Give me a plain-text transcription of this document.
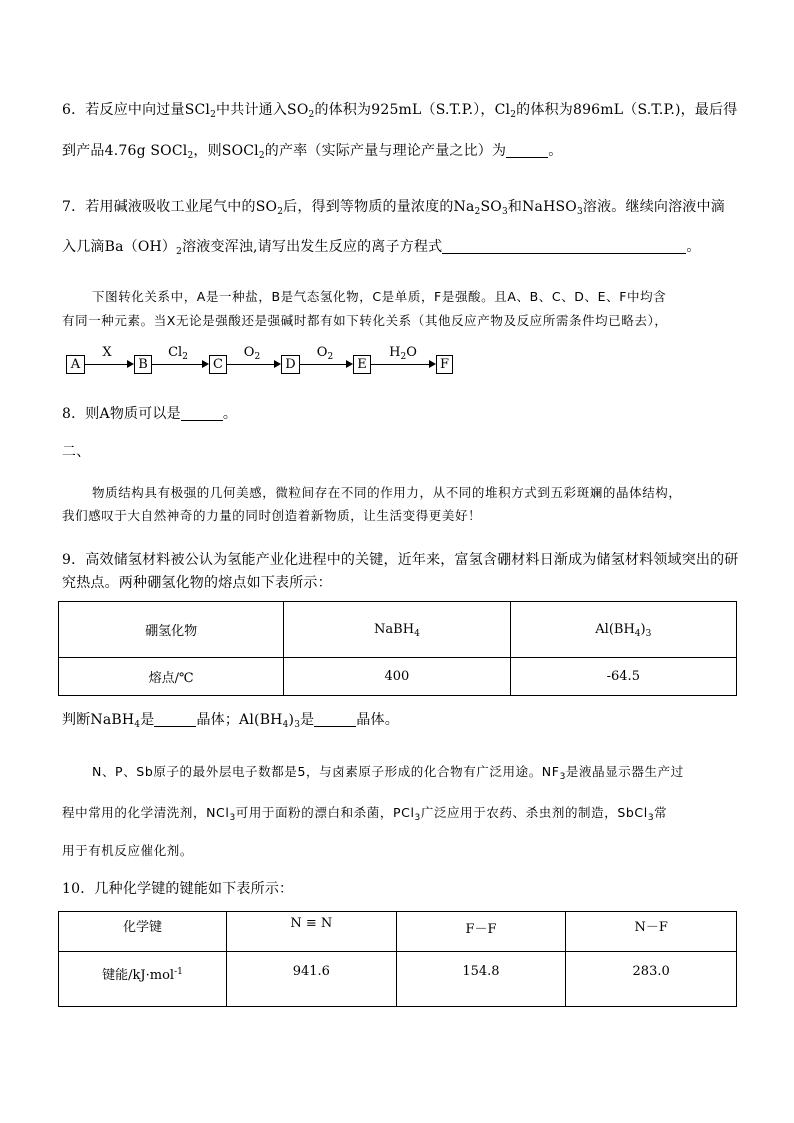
6．若反应中向过量SCl$_2$中共计通入$SO_2$的体积为925mL（S.T.P.），$Cl_2$的体积为896mL（S.T.P.)，最后得
到产品4.76g SOCl$_2$，则SOCl$_2$的产率（实际产量与理论产量之比）为	。
7．若用碱液吸收工业尾气中的$SO_2$后，得到等物质的量浓度的$Na_2SO_3$和NaHSO$_3$溶液。继续向溶液中滴
入几滴$Ba(OH)_2$溶液变浑浊,请写出发生反应的离子方程式	。
下图转化关系中，A是一种盐，B是气态氢化物，C是单质，F是强酸。且A、B、C、D、E、F中均含
有同一种元素。当X无论是强酸还是强碱时都有如下转化关系（其他反应产物及反应所需条件均已略去），
A	B	C	D	E	F
X	$Cl_2$	$O_2$	$O_2$	$H_2O$
8．则A物质可以是	。
二、
物质结构具有极强的几何美感，微粒间存在不同的作用力，从不同的堆积方式到五彩斑斓的晶体结构，
我们感叹于大自然神奇的力量的同时创造着新物质，让生活变得更美好！
9．高效储氢材料被公认为氢能产业化进程中的关键，近年来，富氢含硼材料日渐成为储氢材料领域突出的研
究热点。两种硼氢化物的熔点如下表所示：
硼氢化物	NaBH$_4$	$Al(BH_4)_3$
熔点/℃	400	-64.5
判断NaBH$_4$是	晶体；$Al(BH_4)_3$是	晶体。
N、P、Sb原子的最外层电子数都是5，与卤素原子形成的化合物有广泛用途。$NF_3$是液晶显示器生产过
程中常用的化学清洗剂，NCl$_3$可用于面粉的漂白和杀菌，PCl$_3$广泛应用于农药、杀虫剂的制造，SbCl$_3$常
用于有机反应催化剂。
10．几种化学键的键能如下表所示：
化学键	N ≡ N	F－F	N－F
键能/kJ·mol$^{-1}$	941.6	154.8	283.0
